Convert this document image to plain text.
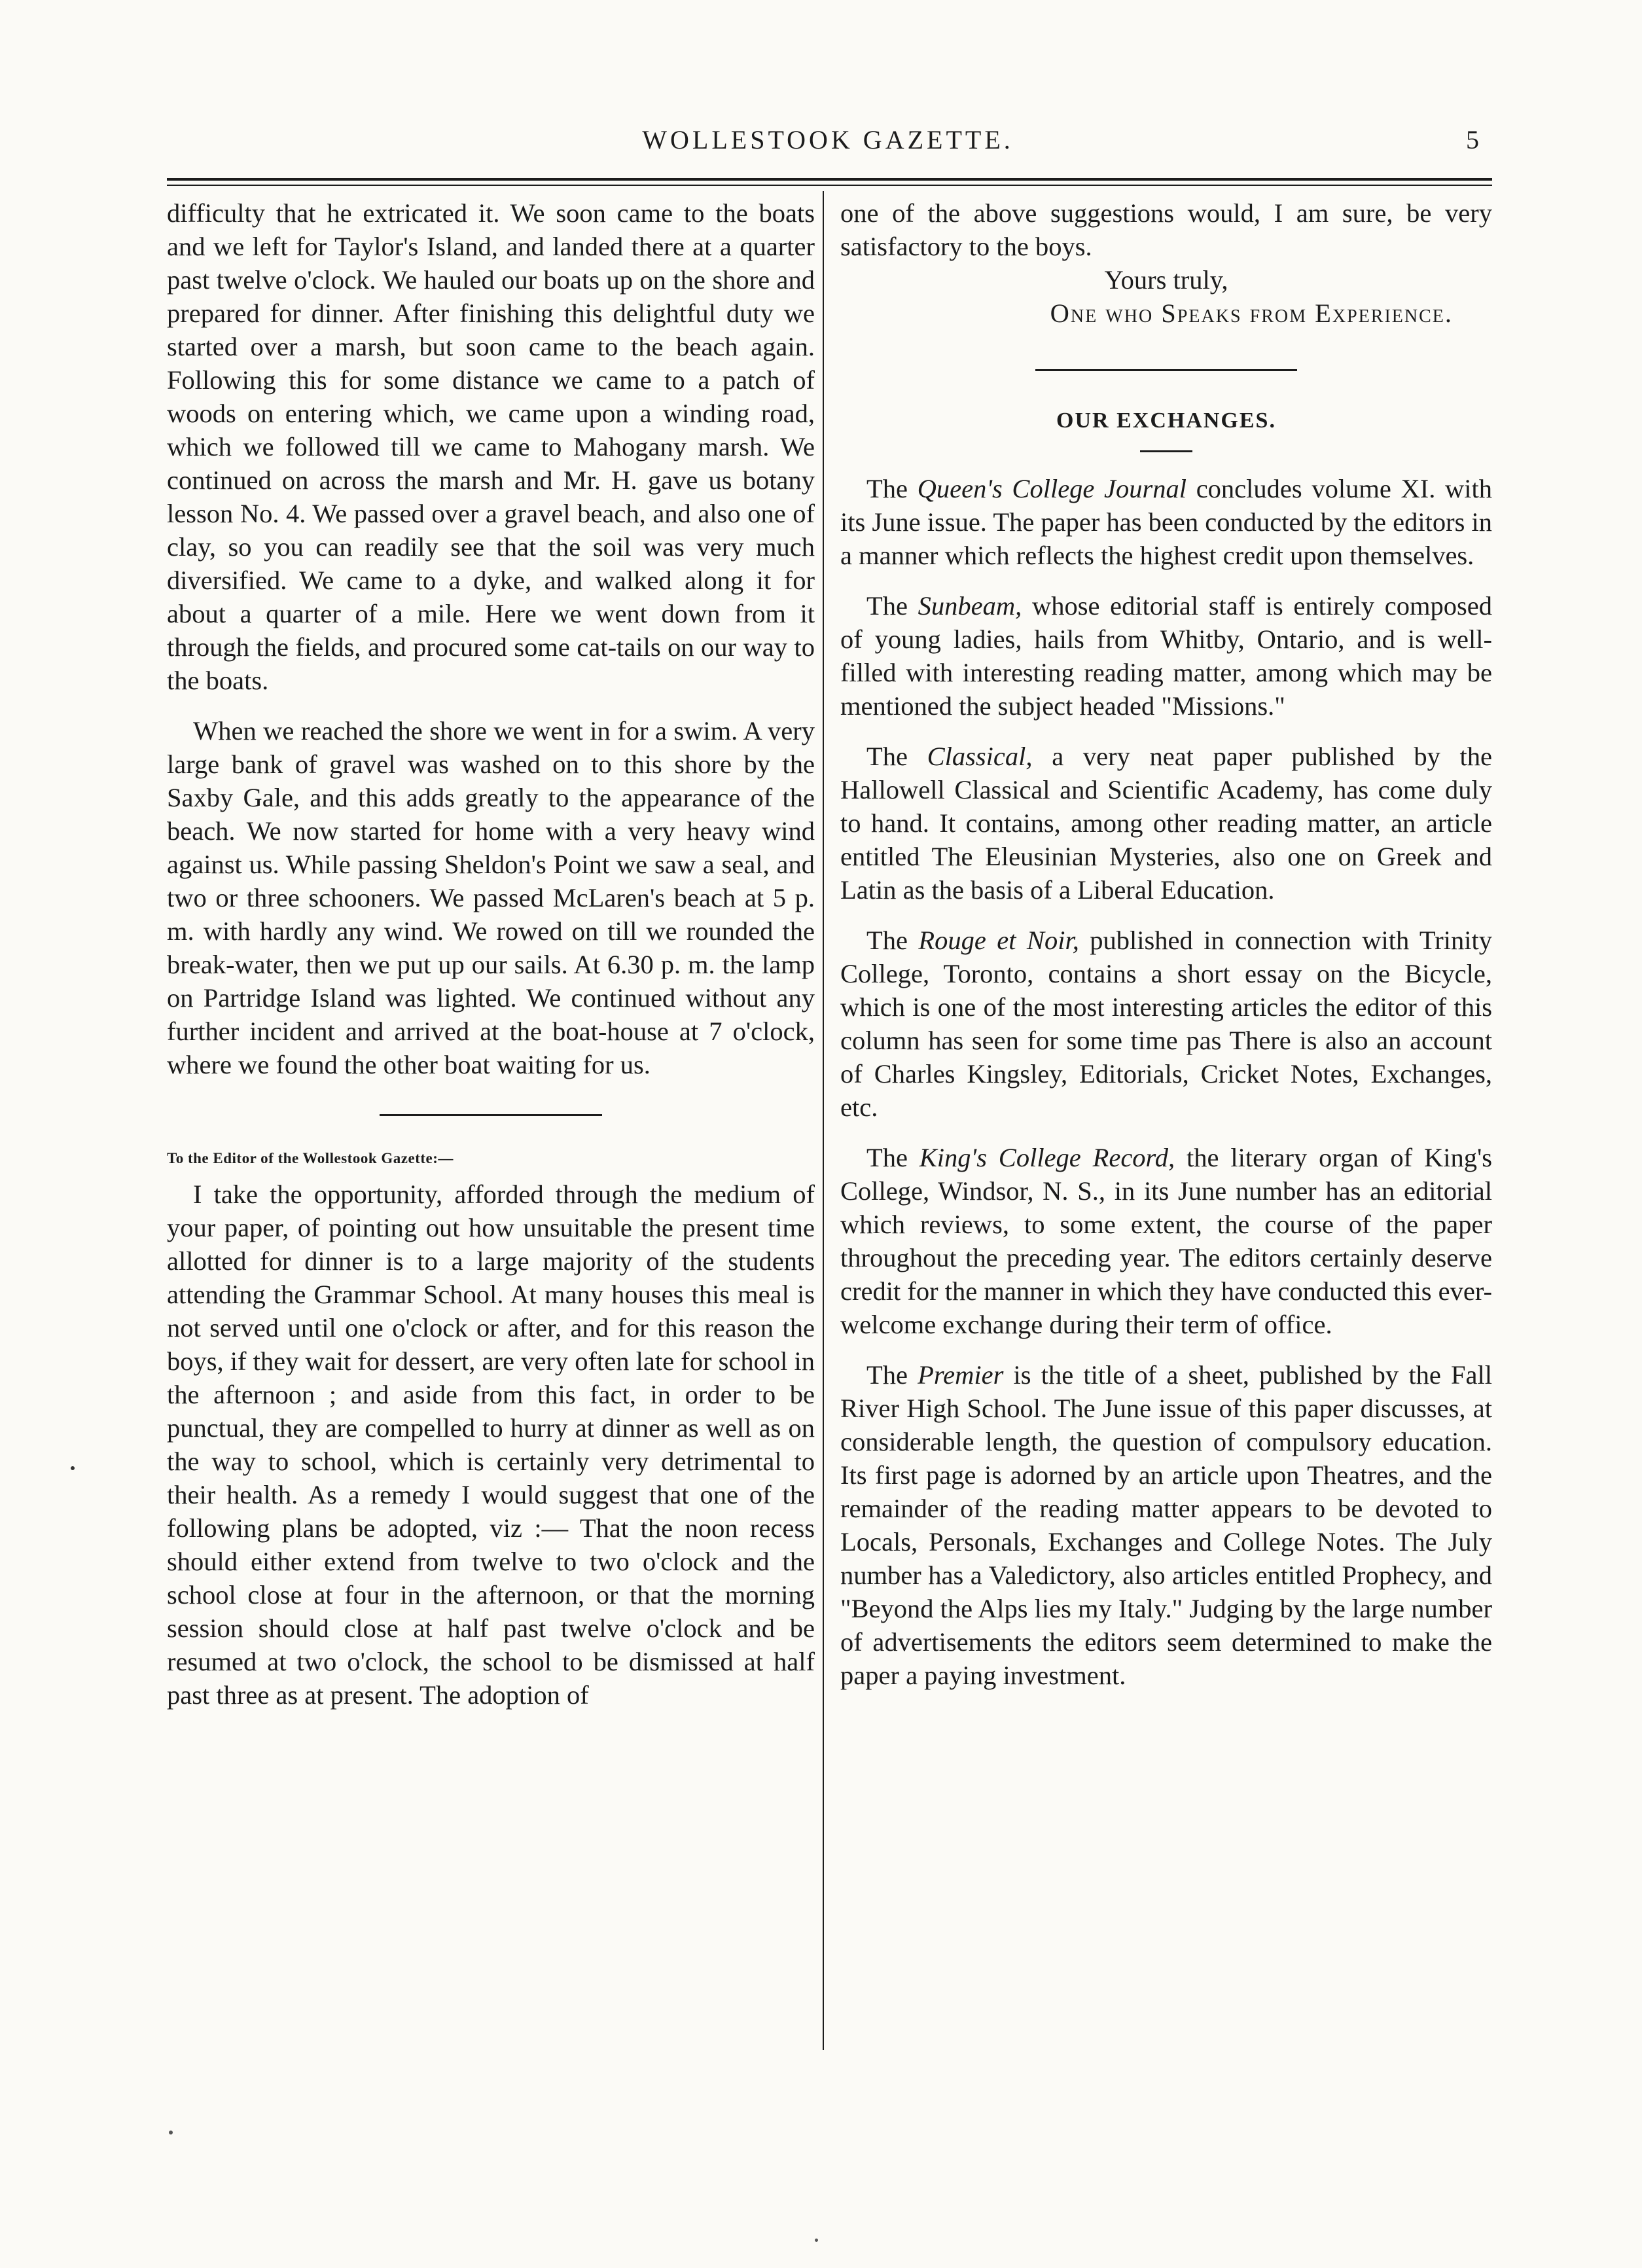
WOLLESTOOK GAZETTE.	5

difficulty that he extricated it. We soon came to the boats and we left for Taylor's Island, and landed there at a quarter past twelve o'clock. We hauled our boats up on the shore and prepared for dinner. After finishing this delightful duty we started over a marsh, but soon came to the beach again. Following this for some distance we came to a patch of woods on entering which, we came upon a winding road, which we followed till we came to Mahogany marsh. We continued on across the marsh and Mr. H. gave us botany lesson No. 4. We passed over a gravel beach, and also one of clay, so you can readily see that the soil was very much diversified. We came to a dyke, and walked along it for about a quarter of a mile. Here we went down from it through the fields, and procured some cat-tails on our way to the boats.

When we reached the shore we went in for a swim. A very large bank of gravel was washed on to this shore by the Saxby Gale, and this adds greatly to the appearance of the beach. We now started for home with a very heavy wind against us. While passing Sheldon's Point we saw a seal, and two or three schooners. We passed McLaren's beach at 5 p. m. with hardly any wind. We rowed on till we rounded the break-water, then we put up our sails. At 6.30 p. m. the lamp on Partridge Island was lighted. We continued without any further incident and arrived at the boat-house at 7 o'clock, where we found the other boat waiting for us.

To the Editor of the Wollestook Gazette:—

I take the opportunity, afforded through the medium of your paper, of pointing out how unsuitable the present time allotted for dinner is to a large majority of the students attending the Grammar School. At many houses this meal is not served until one o'clock or after, and for this reason the boys, if they wait for dessert, are very often late for school in the afternoon ; and aside from this fact, in order to be punctual, they are compelled to hurry at dinner as well as on the way to school, which is certainly very detrimental to their health. As a remedy I would suggest that one of the following plans be adopted, viz :— That the noon recess should either extend from twelve to two o'clock and the school close at four in the afternoon, or that the morning session should close at half past twelve o'clock and be resumed at two o'clock, the school to be dismissed at half past three as at present. The adoption of

one of the above suggestions would, I am sure, be very satisfactory to the boys.

Yours truly,

One who Speaks from Experience.

OUR EXCHANGES.

The Queen's College Journal concludes volume XI. with its June issue. The paper has been conducted by the editors in a manner which reflects the highest credit upon themselves.

The Sunbeam, whose editorial staff is entirely composed of young ladies, hails from Whitby, Ontario, and is well-filled with interesting reading matter, among which may be mentioned the subject headed "Missions."

The Classical, a very neat paper published by the Hallowell Classical and Scientific Academy, has come duly to hand. It contains, among other reading matter, an article entitled The Eleusinian Mysteries, also one on Greek and Latin as the basis of a Liberal Education.

The Rouge et Noir, published in connection with Trinity College, Toronto, contains a short essay on the Bicycle, which is one of the most interesting articles the editor of this column has seen for some time pas There is also an account of Charles Kingsley, Editorials, Cricket Notes, Exchanges, etc.

The King's College Record, the literary organ of King's College, Windsor, N. S., in its June number has an editorial which reviews, to some extent, the course of the paper throughout the preceding year. The editors certainly deserve credit for the manner in which they have conducted this ever-welcome exchange during their term of office.

The Premier is the title of a sheet, published by the Fall River High School. The June issue of this paper discusses, at considerable length, the question of compulsory education. Its first page is adorned by an article upon Theatres, and the remainder of the reading matter appears to be devoted to Locals, Personals, Exchanges and College Notes. The July number has a Valedictory, also articles entitled Prophecy, and "Beyond the Alps lies my Italy." Judging by the large number of advertisements the editors seem determined to make the paper a paying investment.
